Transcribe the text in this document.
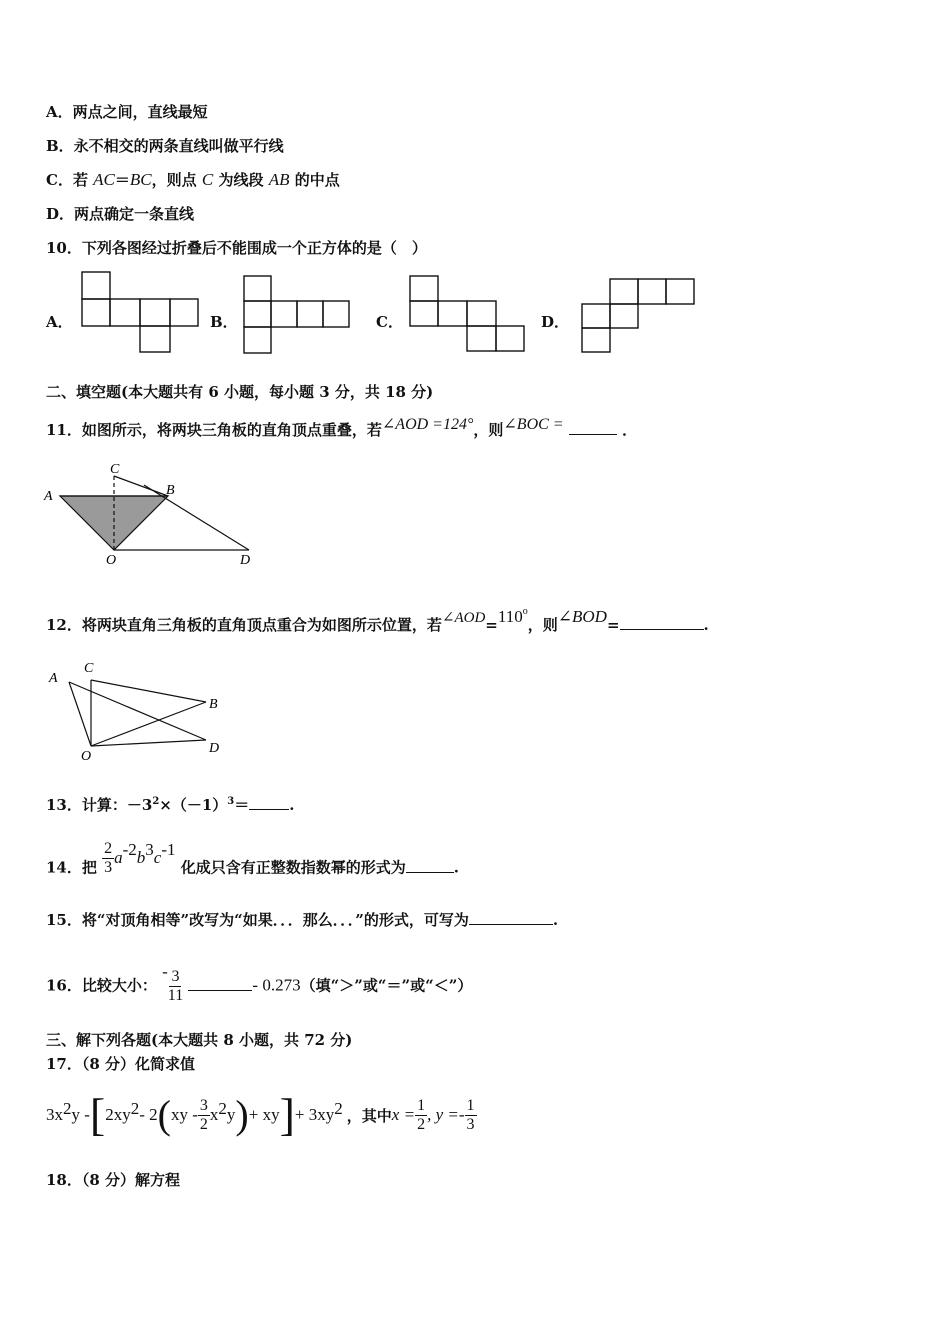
A．两点之间，直线最短
B．永不相交的两条直线叫做平行线
C．若 AC＝BC，则点 C 为线段 AB 的中点
D．两点确定一条直线
10．下列各图经过折叠后不能围成一个正方体的是（　）
A．	B．	C．	D．
二、填空题(本大题共有 6 小题，每小题 3 分，共 18 分)
11．如图所示，将两块三角板的直角顶点重叠，若∠AOD =124°，则∠BOC =	．
A	B
C
O	D
12．将两块直角三角板的直角顶点重合为如图所示位置，若$\angle AOD=110^o$，则∠BOD=	.
A
C
B
O
D
13．计算：$-3^2\times(-1)^3=$	.
14．把 $\frac{2}{3} a^{-2}b^3c^{-1}$ 化成只含有正整数指数幂的形式为	.
15．将“对顶角相等”改写为“如果．．．那么．．．”的形式，可写为	.
16．比较大小： - $\frac{3}{11}$	- 0.273（填“＞”或“＝”或“＜”）
三、解下列各题(本大题共 8 小题，共 72 分)
17．（8 分）化简求值
$3x^2$ y - [ $2xy^2 - 2$ ( xy - $\frac{3}{2} x^2$ y ) + xy ] + $3xy^2$ ，其中 $x = \frac{1}{2}$ , $y =- \frac{1}{3}$
18．（8 分）解方程
